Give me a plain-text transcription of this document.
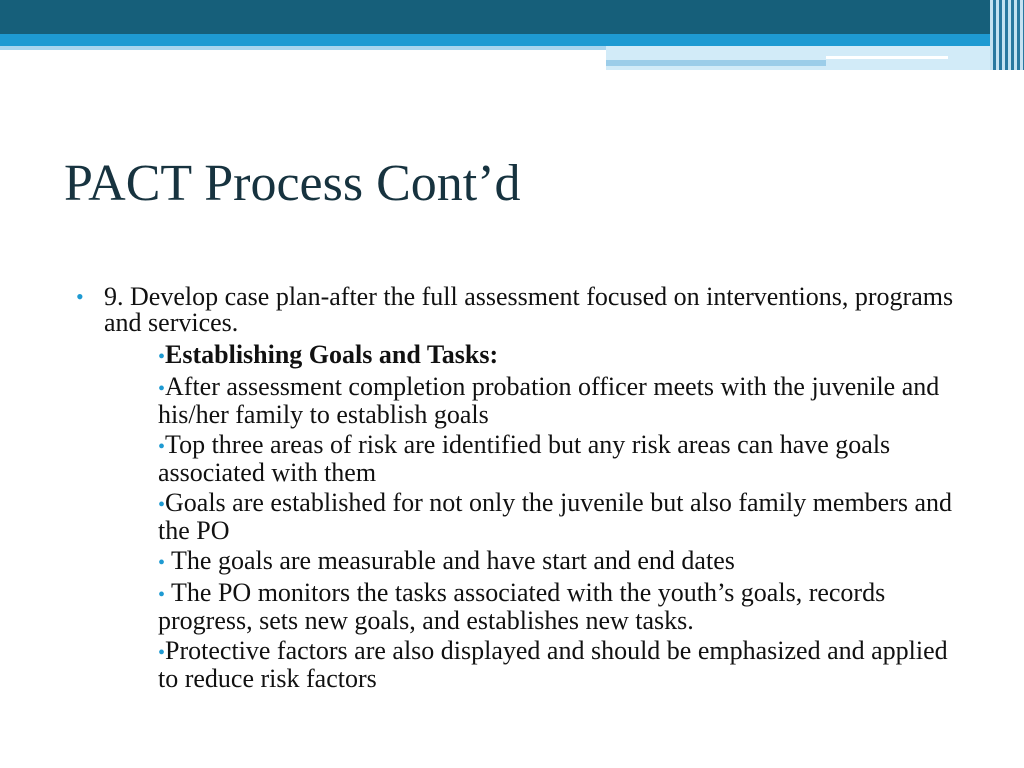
PACT Process Cont’d
• 9. Develop case plan-after the full assessment focused on interventions, programs and services.
•Establishing Goals and Tasks:
•After assessment completion probation officer meets with the juvenile and his/her family to establish goals
•Top three areas of risk are identified but any risk areas can have goals associated with them
•Goals are established for not only the juvenile but also family members and the PO
• The goals are measurable and have start and end dates
• The PO monitors the tasks associated with the youth’s goals, records progress, sets new goals, and establishes new tasks.
•Protective factors are also displayed and should be emphasized and applied to reduce risk factors
